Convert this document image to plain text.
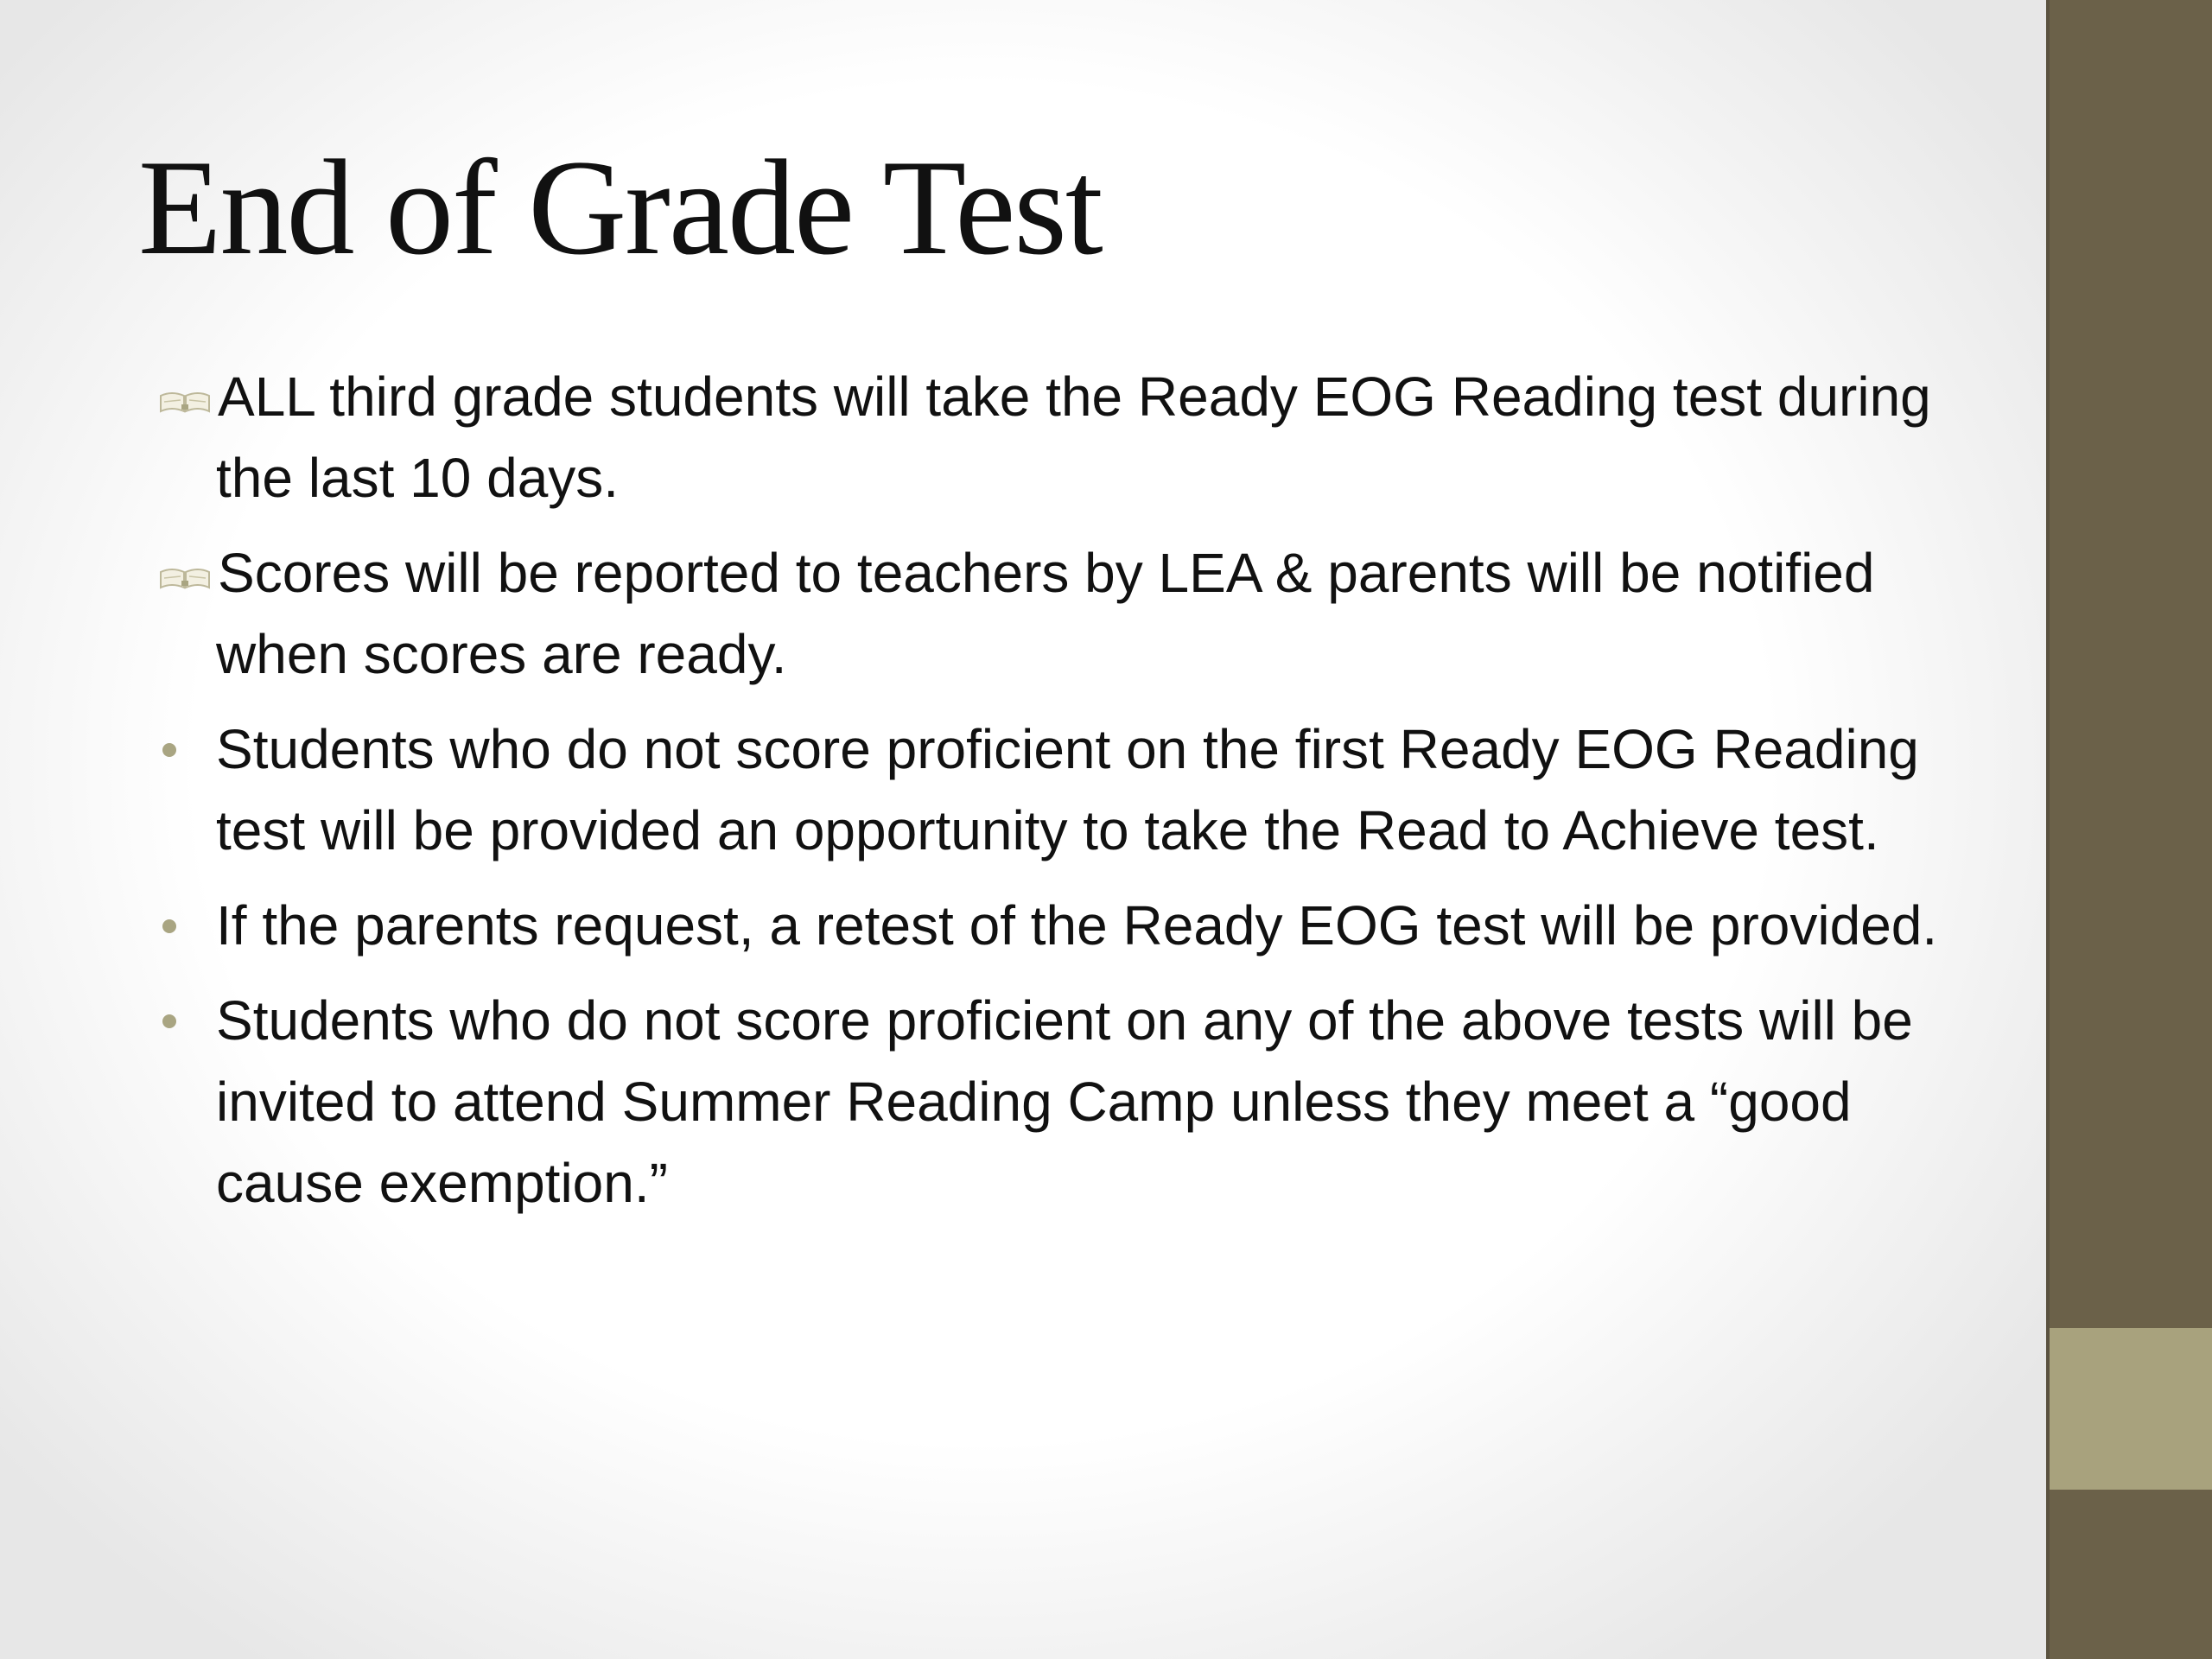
End of Grade Test
ALL third grade students will take the Ready EOG Reading test during the last 10 days.
Scores will be reported to teachers by LEA & parents will be notified when scores are ready.
Students who do not score proficient on the first Ready EOG Reading test will be provided an opportunity to take the Read to Achieve test.
If the parents request, a retest of the Ready EOG test will be provided.
Students who do not score proficient on any of the above tests will be invited to attend Summer Reading Camp unless they meet a “good cause exemption.”
